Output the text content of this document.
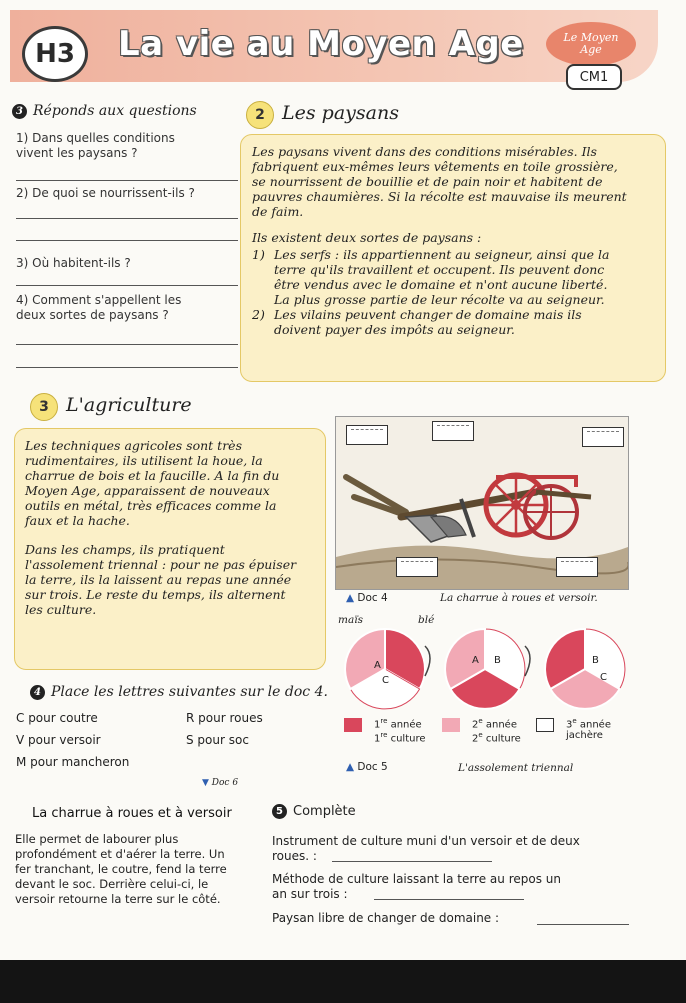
H3	La vie au Moyen Age	Le Moyen
Age
CM1
3 Réponds aux questions
1) Dans quelles conditions
vivent les paysans ?
2) De quoi se nourrissent-ils ?
3) Où habitent-ils ?
4) Comment s'appellent les
deux sortes de paysans ?
2 Les paysans

Les paysans vivent dans des conditions misérables. Ils
fabriquent eux-mêmes leurs vêtements en toile grossière,
se nourrissent de bouillie et de pain noir et habitent de
pauvres chaumières. Si la récolte est mauvaise ils meurent
de faim.

Ils existent deux sortes de paysans :

1) Les serfs : ils appartiennent au seigneur, ainsi que la
terre qu'ils travaillent et occupent. Ils peuvent donc
être vendus avec le domaine et n'ont aucune liberté.
La plus grosse partie de leur récolte va au seigneur.
2) Les vilains peuvent changer de domaine mais ils
doivent payer des impôts au seigneur.
3 L'agriculture

Les techniques agricoles sont très
rudimentaires, ils utilisent la houe, la
charrue de bois et la faucille. A la fin du
Moyen Age, apparaissent de nouveaux
outils en métal, très efficaces comme la
faux et la hache.

Dans les champs, ils pratiquent
l'assolement triennal : pour ne pas épuiser
la terre, ils la laissent au repas une année
sur trois. Le reste du temps, ils alternent
les culture.

▲ Doc 4	La charrue à roues et versoir.
maïs	blé
A
C
A B	B
C
1re année
1re culture
2e année
2e culture
3e année
jachère
▲ Doc 5	L'assolement triennal
4 Place les lettres suivantes sur le doc 4.
C pour coutre	R pour roues
V pour versoir	S pour soc
M pour mancheron
▼ Doc 6
La charrue à roues et à versoir
Elle permet de labourer plus
profondément et d'aérer la terre. Un
fer tranchant, le coutre, fend la terre
devant le soc. Derrière celui-ci, le
versoir retourne la terre sur le côté.
5 Complète
Instrument de culture muni d'un versoir et de deux
roues. :
Méthode de culture laissant la terre au repos un
an sur trois :
Paysan libre de changer de domaine :
